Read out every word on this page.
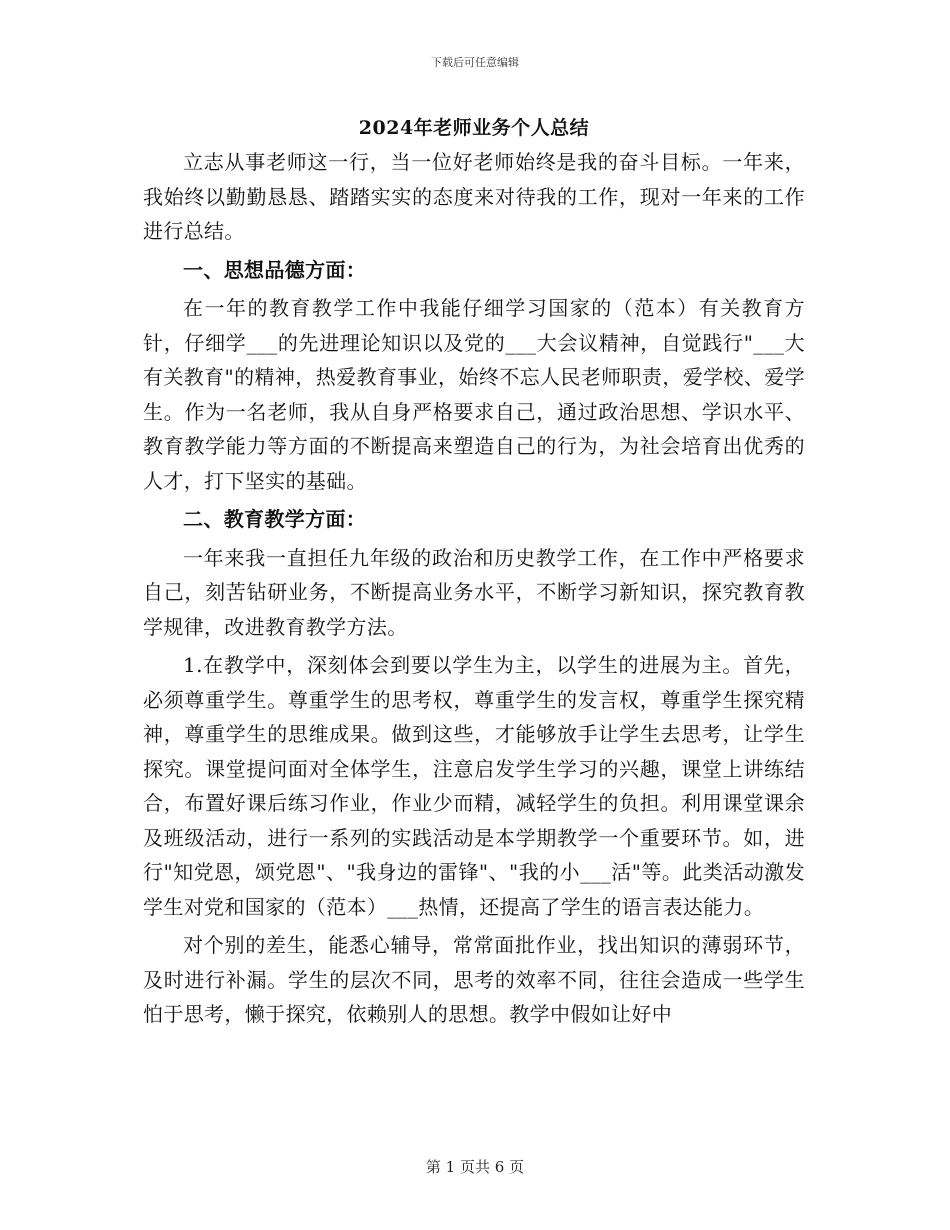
下载后可任意编辑
2024年老师业务个人总结

立志从事老师这一行，当一位好老师始终是我的奋斗目标。一年来，我始终以勤勤恳恳、踏踏实实的态度来对待我的工作，现对一年来的工作进行总结。

一、思想品德方面：

在一年的教育教学工作中我能仔细学习国家的（范本）有关教育方针，仔细学___的先进理论知识以及党的___大会议精神，自觉践行"___大有关教育"的精神，热爱教育事业，始终不忘人民老师职责，爱学校、爱学生。作为一名老师，我从自身严格要求自己，通过政治思想、学识水平、教育教学能力等方面的不断提高来塑造自己的行为，为社会培育出优秀的人才，打下坚实的基础。

二、教育教学方面：

一年来我一直担任九年级的政治和历史教学工作，在工作中严格要求自己，刻苦钻研业务，不断提高业务水平，不断学习新知识，探究教育教学规律，改进教育教学方法。

1.在教学中，深刻体会到要以学生为主，以学生的进展为主。首先，必须尊重学生。尊重学生的思考权，尊重学生的发言权，尊重学生探究精神，尊重学生的思维成果。做到这些，才能够放手让学生去思考，让学生探究。课堂提问面对全体学生，注意启发学生学习的兴趣，课堂上讲练结合，布置好课后练习作业，作业少而精，减轻学生的负担。利用课堂课余及班级活动，进行一系列的实践活动是本学期教学一个重要环节。如，进行"知党恩，颂党恩"、"我身边的雷锋"、"我的小___活"等。此类活动激发学生对党和国家的（范本）___热情，还提高了学生的语言表达能力。

对个别的差生，能悉心辅导，常常面批作业，找出知识的薄弱环节，及时进行补漏。学生的层次不同，思考的效率不同，往往会造成一些学生怕于思考，懒于探究，依赖别人的思想。教学中假如让好中

第 1 页共 6 页
